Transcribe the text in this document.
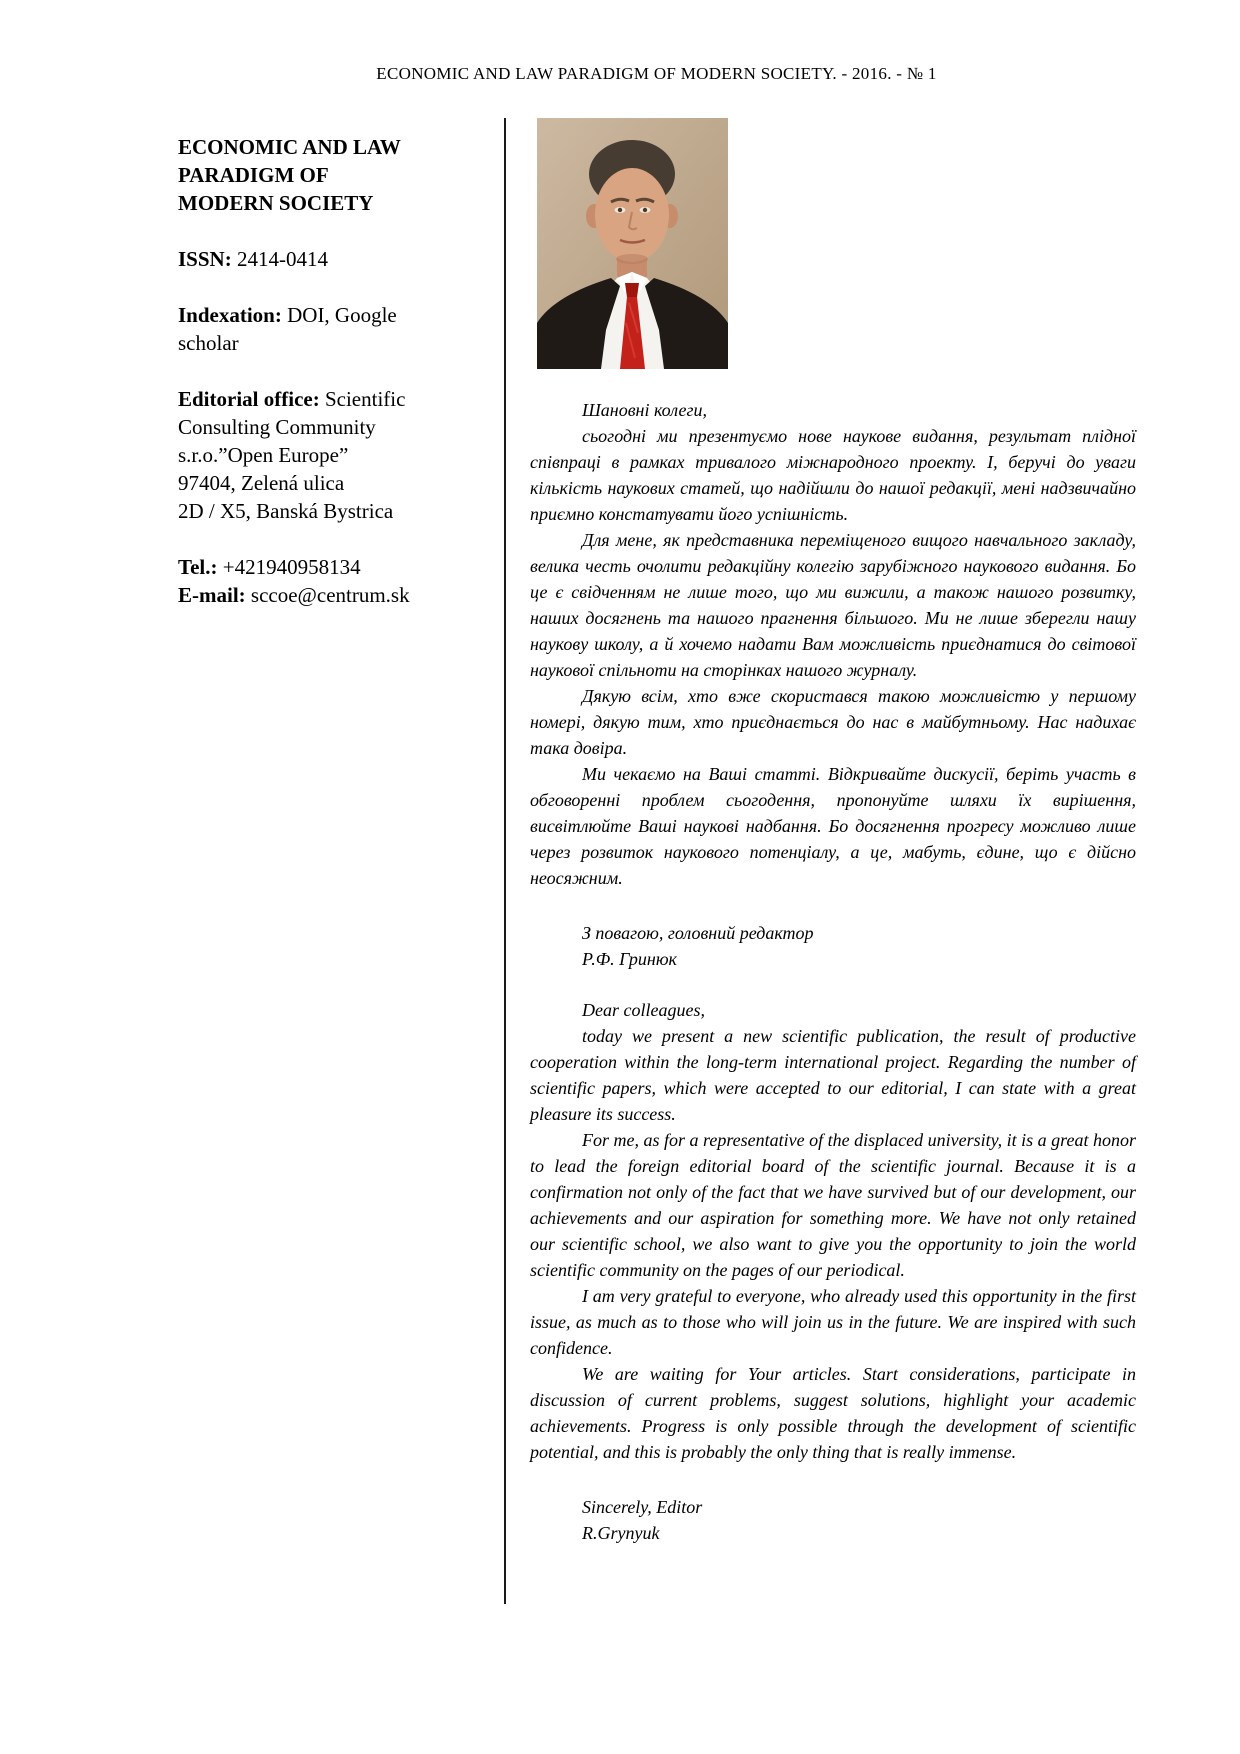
ECONOMIC AND LAW PARADIGM OF MODERN SOCIETY. - 2016. - № 1
ECONOMIC AND LAW
PARADIGM OF
MODERN SOCIETY

ISSN: 2414-0414

Indexation: DOI, Google scholar

Editorial office: Scientific Consulting Community s.r.o.”Open Europe”
97404, Zelená ulica
2D / X5, Banská Bystrica

Tel.: +421940958134
E-mail: sccoe@centrum.sk

Шановні колеги,

сьогодні ми презентуємо нове наукове видання, результат плідної співпраці в рамках тривалого міжнародного проекту. І, беручі до уваги кількість наукових статей, що надійшли до нашої редакції, мені надзвичайно приємно констатувати його успішність.

Для мене, як представника переміщеного вищого навчального закладу, велика честь очолити редакційну колегію зарубіжного наукового видання. Бо це є свідченням не лише того, що ми вижили, а також нашого розвитку, наших досягнень та нашого прагнення більшого. Ми не лише зберегли нашу наукову школу, а й хочемо надати Вам можливість приєднатися до світової наукової спільноти на сторінках нашого журналу.

Дякую всім, хто вже скористався такою можливістю у першому номері, дякую тим, хто приєднається до нас в майбутньому. Нас надихає така довіра.

Ми чекаємо на Ваші статті. Відкривайте дискусії, беріть участь в обговоренні проблем сьогодення, пропонуйте шляхи їх вирішення, висвітлюйте Ваші наукові надбання. Бо досягнення прогресу можливо лише через розвиток наукового потенціалу, а це, мабуть, єдине, що є дійсно неосяжним.

З повагою, головний редактор
Р.Ф. Гринюк

Dear colleagues,

today we present a new scientific publication, the result of productive cooperation within the long-term international project. Regarding the number of scientific papers, which were accepted to our editorial, I can state with a great pleasure its success.

For me, as for a representative of the displaced university, it is a great honor to lead the foreign editorial board of the scientific journal. Because it is a confirmation not only of the fact that we have survived but of our development, our achievements and our aspiration for something more. We have not only retained our scientific school, we also want to give you the opportunity to join the world scientific community on the pages of our periodical.

I am very grateful to everyone, who already used this opportunity in the first issue, as much as to those who will join us in the future. We are inspired with such confidence.

We are waiting for Your articles. Start considerations, participate in discussion of current problems, suggest solutions, highlight your academic achievements. Progress is only possible through the development of scientific potential, and this is probably the only thing that is really immense.

Sincerely, Editor
R.Grynyuk
